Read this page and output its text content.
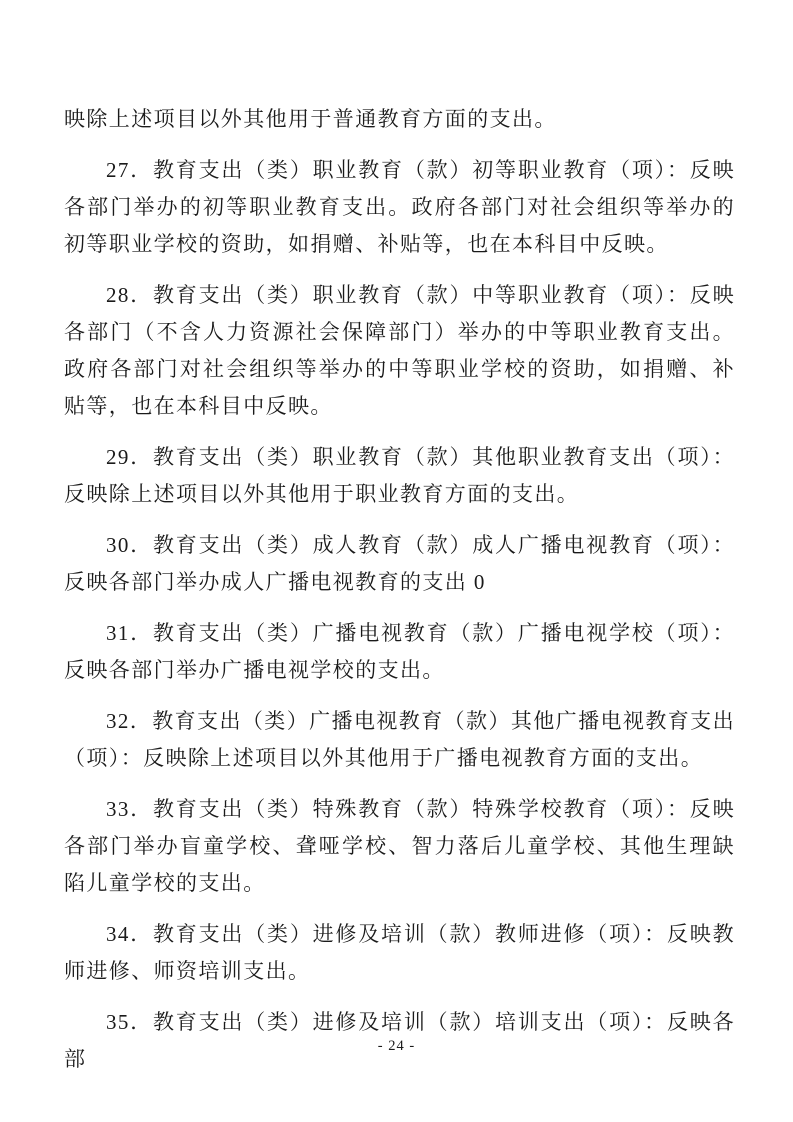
映除上述项目以外其他用于普通教育方面的支出。

27．教育支出（类）职业教育（款）初等职业教育（项）：反映各部门举办的初等职业教育支出。政府各部门对社会组织等举办的初等职业学校的资助，如捐赠、补贴等，也在本科目中反映。

28．教育支出（类）职业教育（款）中等职业教育（项）：反映各部门（不含人力资源社会保障部门）举办的中等职业教育支出。政府各部门对社会组织等举办的中等职业学校的资助，如捐赠、补贴等，也在本科目中反映。

29．教育支出（类）职业教育（款）其他职业教育支出（项）：反映除上述项目以外其他用于职业教育方面的支出。

30．教育支出（类）成人教育（款）成人广播电视教育（项）：反映各部门举办成人广播电视教育的支出 0

31．教育支出（类）广播电视教育（款）广播电视学校（项）：反映各部门举办广播电视学校的支出。

32．教育支出（类）广播电视教育（款）其他广播电视教育支出（项）：反映除上述项目以外其他用于广播电视教育方面的支出。

33．教育支出（类）特殊教育（款）特殊学校教育（项）：反映各部门举办盲童学校、聋哑学校、智力落后儿童学校、其他生理缺陷儿童学校的支出。

34．教育支出（类）进修及培训（款）教师进修（项）：反映教师进修、师资培训支出。

35．教育支出（类）进修及培训（款）培训支出（项）：反映各部

- 24 -
